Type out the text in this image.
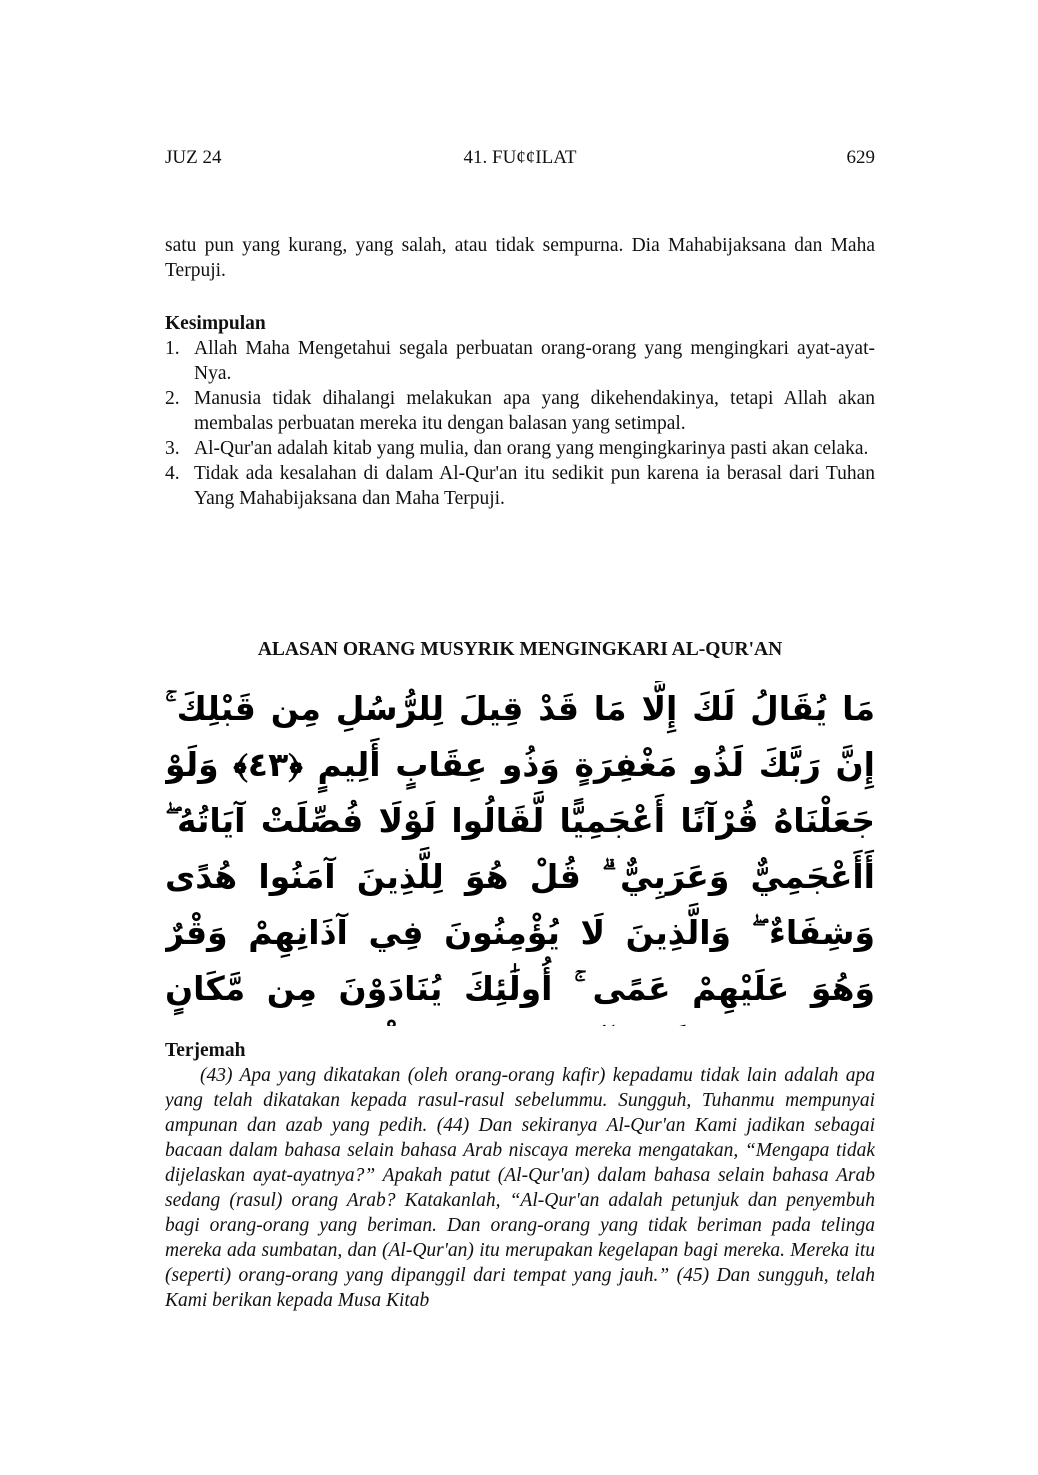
JUZ 24	41. FU¢¢ILAT	629

satu pun yang kurang, yang salah, atau tidak sempurna. Dia Mahabijaksana dan Maha Terpuji.

Kesimpulan
1. Allah Maha Mengetahui segala perbuatan orang-orang yang mengingkari ayat-ayat-Nya.
2. Manusia tidak dihalangi melakukan apa yang dikehendakinya, tetapi Allah akan membalas perbuatan mereka itu dengan balasan yang setimpal.
3. Al-Qur'an adalah kitab yang mulia, dan orang yang mengingkarinya pasti akan celaka.
4. Tidak ada kesalahan di dalam Al-Qur'an itu sedikit pun karena ia berasal dari Tuhan Yang Mahabijaksana dan Maha Terpuji.
ALASAN ORANG MUSYRIK MENGINGKARI AL-QUR'AN
مَا يُقَالُ لَكَ إِلَّا مَا قَدْ قِيلَ لِلرُّسُلِ مِن قَبْلِكَ ۚ إِنَّ رَبَّكَ لَذُو مَغْفِرَةٍ وَذُو عِقَابٍ أَلِيمٍ ﴿٤٣﴾ وَلَوْ جَعَلْنَاهُ قُرْآنًا أَعْجَمِيًّا لَّقَالُوا لَوْلَا فُصِّلَتْ آيَاتُهُ ۖ أَأَعْجَمِيٌّ وَعَرَبِيٌّ ۗ قُلْ هُوَ لِلَّذِينَ آمَنُوا هُدًى وَشِفَاءٌ ۖ وَالَّذِينَ لَا يُؤْمِنُونَ فِي آذَانِهِمْ وَقْرٌ وَهُوَ عَلَيْهِمْ عَمًى ۚ أُولَٰئِكَ يُنَادَوْنَ مِن مَّكَانٍ
Terjemah

(43) Apa yang dikatakan (oleh orang-orang kafir) kepadamu tidak lain adalah apa yang telah dikatakan kepada rasul-rasul sebelummu. Sungguh, Tuhanmu mempunyai ampunan dan azab yang pedih. (44) Dan sekiranya Al-Qur'an Kami jadikan sebagai bacaan dalam bahasa selain bahasa Arab niscaya mereka mengatakan, “Mengapa tidak dijelaskan ayat-ayatnya?” Apakah patut (Al-Qur'an) dalam bahasa selain bahasa Arab sedang (rasul) orang Arab? Katakanlah, “Al-Qur'an adalah petunjuk dan penyembuh bagi orang-orang yang beriman. Dan orang-orang yang tidak beriman pada telinga mereka ada sumbatan, dan (Al-Qur'an) itu merupakan kegelapan bagi mereka. Mereka itu (seperti) orang-orang yang dipanggil dari tempat yang jauh.” (45) Dan sungguh, telah Kami berikan kepada Musa Kitab
